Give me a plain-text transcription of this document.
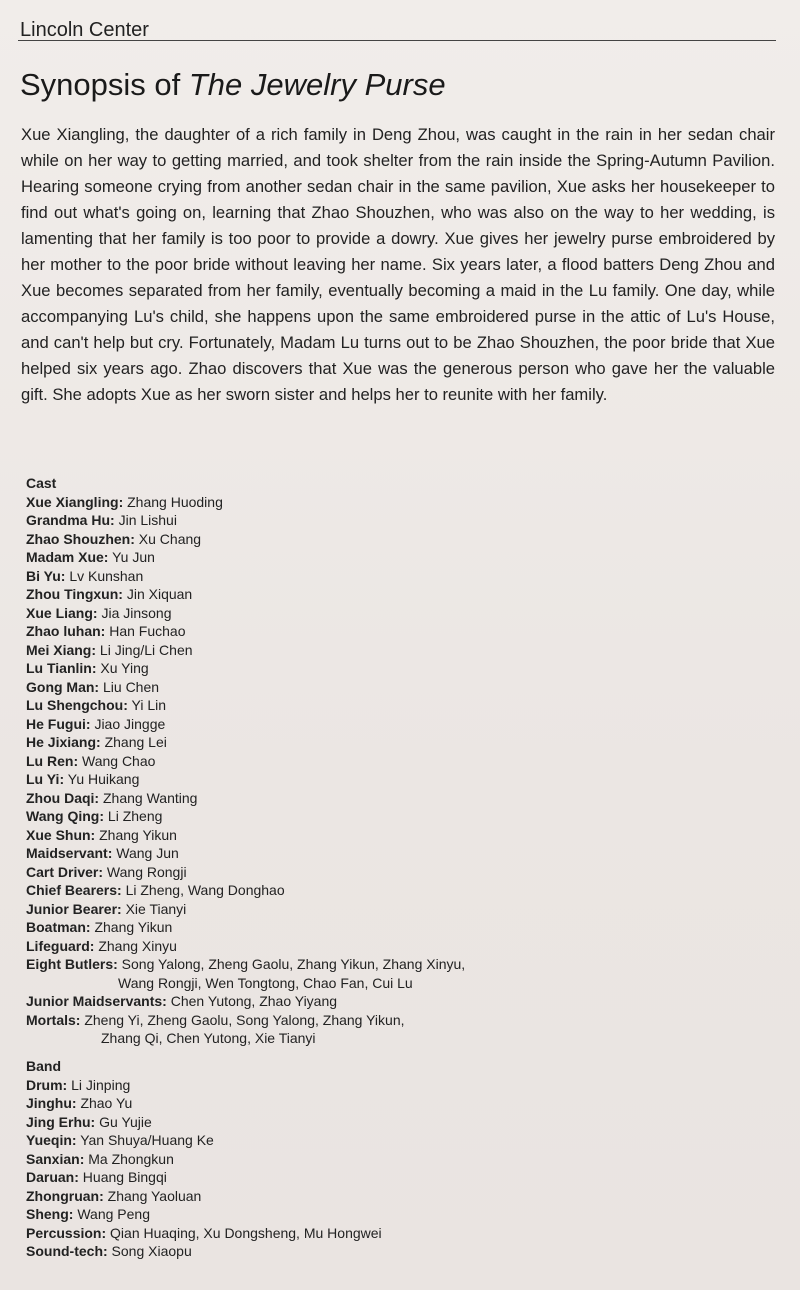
Lincoln Center
Synopsis of The Jewelry Purse

Xue Xiangling, the daughter of a rich family in Deng Zhou, was caught in the rain in her sedan chair while on her way to getting married, and took shelter from the rain inside the Spring-Autumn Pavilion. Hearing someone crying from another sedan chair in the same pavilion, Xue asks her housekeeper to find out what's going on, learning that Zhao Shouzhen, who was also on the way to her wedding, is lamenting that her family is too poor to provide a dowry. Xue gives her jewelry purse embroidered by her mother to the poor bride without leaving her name. Six years later, a flood batters Deng Zhou and Xue becomes separated from her family, eventually becoming a maid in the Lu family. One day, while accompanying Lu's child, she happens upon the same embroidered purse in the attic of Lu's House, and can't help but cry. Fortunately, Madam Lu turns out to be Zhao Shouzhen, the poor bride that Xue helped six years ago. Zhao discovers that Xue was the generous person who gave her the valuable gift. She adopts Xue as her sworn sister and helps her to reunite with her family.

Cast
Xue Xiangling: Zhang Huoding
Grandma Hu: Jin Lishui
Zhao Shouzhen: Xu Chang
Madam Xue: Yu Jun
Bi Yu: Lv Kunshan
Zhou Tingxun: Jin Xiquan
Xue Liang: Jia Jinsong
Zhao luhan: Han Fuchao
Mei Xiang: Li Jing/Li Chen
Lu Tianlin: Xu Ying
Gong Man: Liu Chen
Lu Shengchou: Yi Lin
He Fugui: Jiao Jingge
He Jixiang: Zhang Lei
Lu Ren: Wang Chao
Lu Yi: Yu Huikang
Zhou Daqi: Zhang Wanting
Wang Qing: Li Zheng
Xue Shun: Zhang Yikun
Maidservant: Wang Jun
Cart Driver: Wang Rongji
Chief Bearers: Li Zheng, Wang Donghao
Junior Bearer: Xie Tianyi
Boatman: Zhang Yikun
Lifeguard: Zhang Xinyu
Eight Butlers: Song Yalong, Zheng Gaolu, Zhang Yikun, Zhang Xinyu,
Wang Rongji, Wen Tongtong, Chao Fan, Cui Lu
Junior Maidservants: Chen Yutong, Zhao Yiyang
Mortals: Zheng Yi, Zheng Gaolu, Song Yalong, Zhang Yikun,
Zhang Qi, Chen Yutong, Xie Tianyi
Band
Drum: Li Jinping
Jinghu: Zhao Yu
Jing Erhu: Gu Yujie
Yueqin: Yan Shuya/Huang Ke
Sanxian: Ma Zhongkun
Daruan: Huang Bingqi
Zhongruan: Zhang Yaoluan
Sheng: Wang Peng
Percussion: Qian Huaqing, Xu Dongsheng, Mu Hongwei
Sound-tech: Song Xiaopu
